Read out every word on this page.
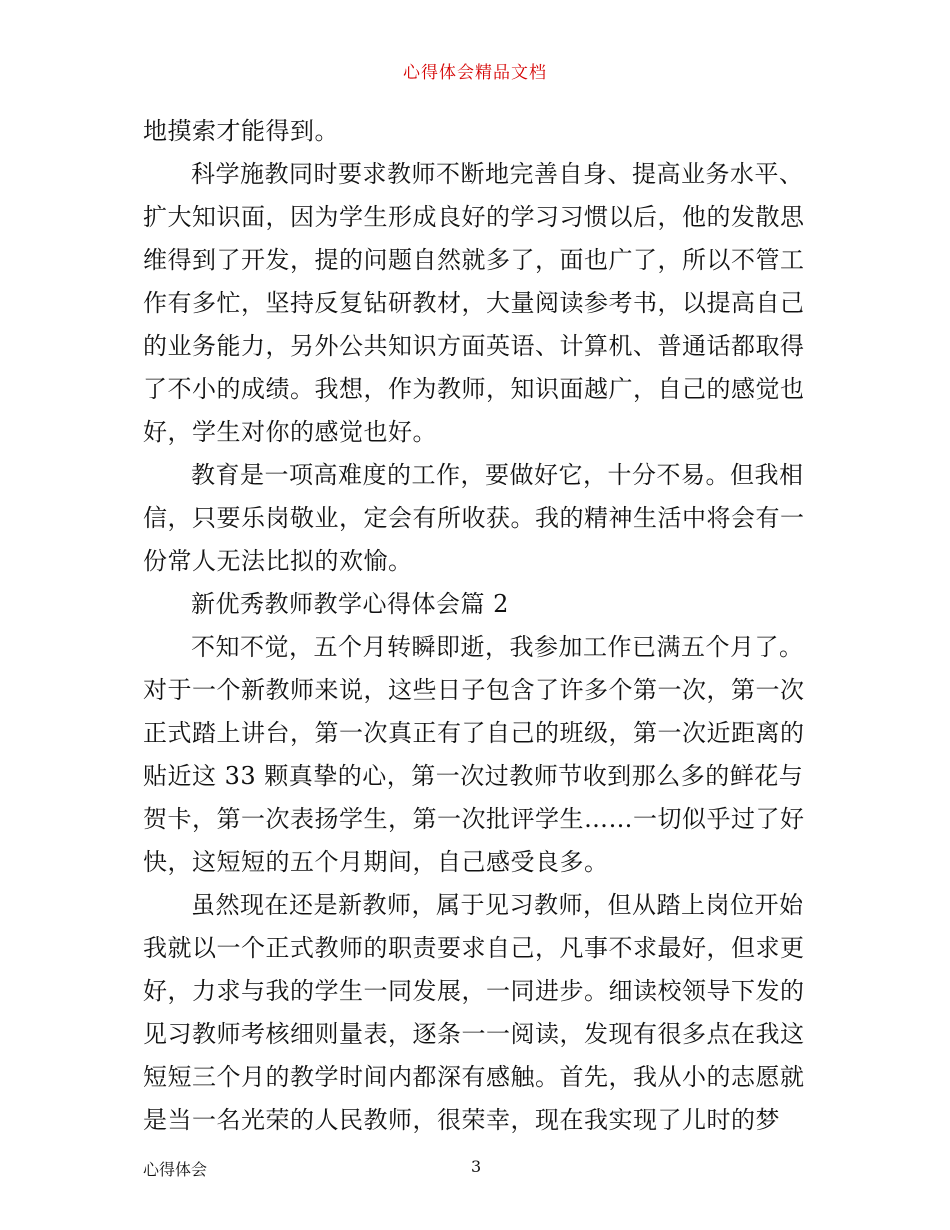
心得体会精品文档
地摸索才能得到。
科学施教同时要求教师不断地完善自身、提高业务水平、
扩大知识面，因为学生形成良好的学习习惯以后，他的发散思
维得到了开发，提的问题自然就多了，面也广了，所以不管工
作有多忙，坚持反复钻研教材，大量阅读参考书，以提高自己
的业务能力，另外公共知识方面英语、计算机、普通话都取得
了不小的成绩。我想，作为教师，知识面越广，自己的感觉也
好，学生对你的感觉也好。
教育是一项高难度的工作，要做好它，十分不易。但我相
信，只要乐岗敬业，定会有所收获。我的精神生活中将会有一
份常人无法比拟的欢愉。
新优秀教师教学心得体会篇 2
不知不觉，五个月转瞬即逝，我参加工作已满五个月了。
对于一个新教师来说，这些日子包含了许多个第一次，第一次
正式踏上讲台，第一次真正有了自己的班级，第一次近距离的
贴近这 33 颗真挚的心，第一次过教师节收到那么多的鲜花与
贺卡，第一次表扬学生，第一次批评学生……一切似乎过了好
快，这短短的五个月期间，自己感受良多。
虽然现在还是新教师，属于见习教师，但从踏上岗位开始
我就以一个正式教师的职责要求自己，凡事不求最好，但求更
好，力求与我的学生一同发展，一同进步。细读校领导下发的
见习教师考核细则量表，逐条一一阅读，发现有很多点在我这
短短三个月的教学时间内都深有感触。首先，我从小的志愿就
是当一名光荣的人民教师，很荣幸，现在我实现了儿时的梦
心得体会	3
